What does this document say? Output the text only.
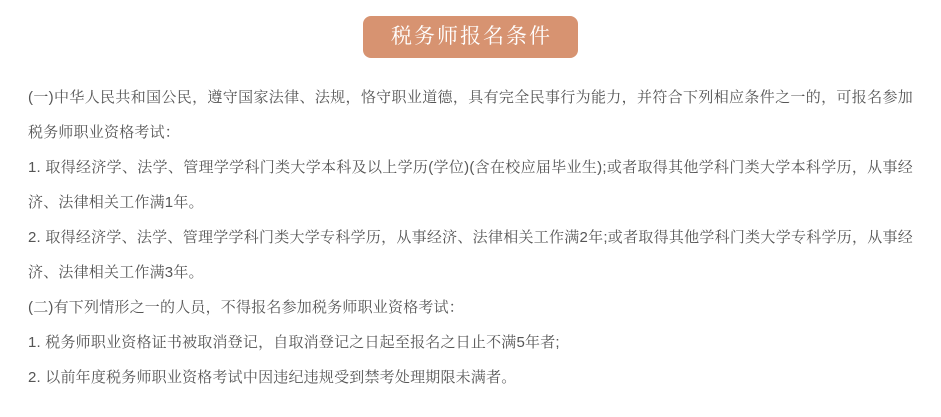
税务师报名条件

(一)中华人民共和国公民，遵守国家法律、法规，恪守职业道德，具有完全民事行为能力，并符合下列相应条件之一的，可报名参加税务师职业资格考试：

1. 取得经济学、法学、管理学学科门类大学本科及以上学历(学位)(含在校应届毕业生);或者取得其他学科门类大学本科学历，从事经济、法律相关工作满1年。

2. 取得经济学、法学、管理学学科门类大学专科学历，从事经济、法律相关工作满2年;或者取得其他学科门类大学专科学历，从事经济、法律相关工作满3年。

(二)有下列情形之一的人员，不得报名参加税务师职业资格考试：

1. 税务师职业资格证书被取消登记，自取消登记之日起至报名之日止不满5年者;

2. 以前年度税务师职业资格考试中因违纪违规受到禁考处理期限未满者。
